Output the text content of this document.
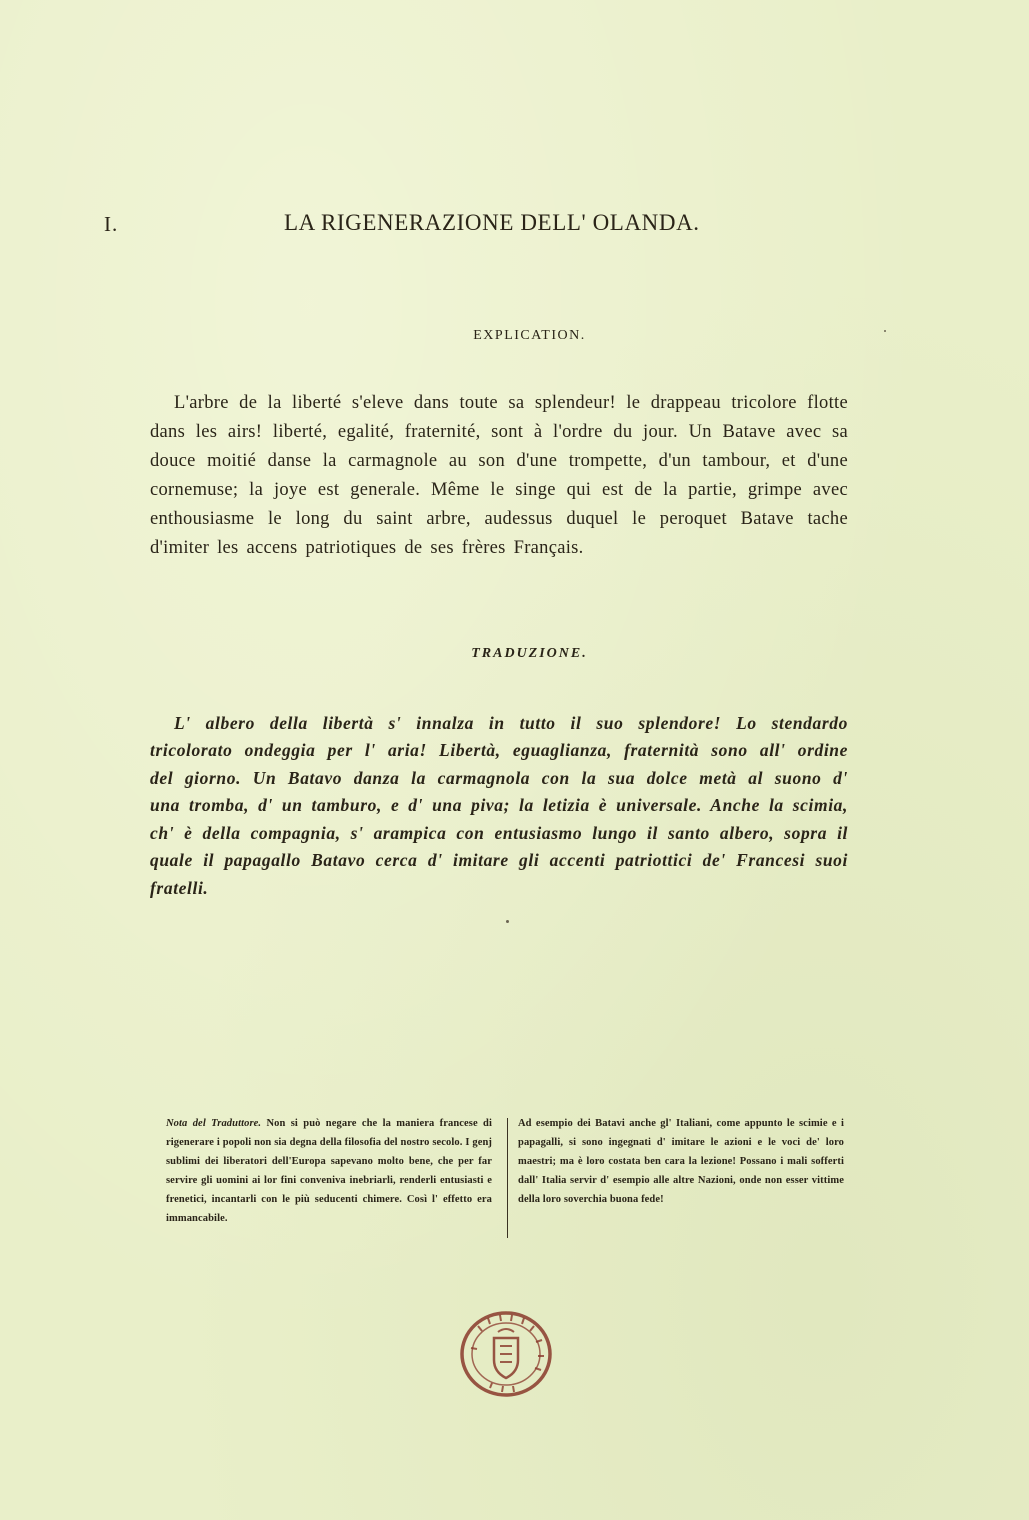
I.	LA RIGENERAZIONE DELL' OLANDA.
EXPLICATION.

L'arbre de la liberté s'eleve dans toute sa splendeur! le drappeau tricolore flotte dans les airs! liberté, egalité, fraternité, sont à l'ordre du jour. Un Batave avec sa douce moitié danse la carmagnole au son d'une trompette, d'un tambour, et d'une cornemuse; la joye est generale. Même le singe qui est de la partie, grimpe avec enthousiasme le long du saint arbre, audessus duquel le peroquet Batave tache d'imiter les accens patriotiques de ses frères Français.

TRADUZIONE.

L' albero della libertà s' innalza in tutto il suo splendore! Lo stendardo tricolorato ondeggia per l' aria! Libertà, eguaglianza, fraternità sono all' ordine del giorno. Un Batavo danza la carmagnola con la sua dolce metà al suono d' una tromba, d' un tamburo, e d' una piva; la letizia è universale. Anche la scimia, ch' è della compagnia, s' arampica con entusiasmo lungo il santo albero, sopra il quale il papagallo Batavo cerca d' imitare gli accenti patriottici de' Francesi suoi fratelli.

Nota del Traduttore. Non si può negare che la maniera francese di rigenerare i popoli non sia degna della filosofia del nostro secolo. I genj sublimi dei liberatori dell'Europa sapevano molto bene, che per far servire gli uomini ai lor fini conveniva inebriarli, renderli entusiasti e frenetici, incantarli con le più seducenti chimere. Così l' effetto era immancabile.
Ad esempio dei Batavi anche gl' Italiani, come appunto le scimie e i papagalli, si sono ingegnati d' imitare le azioni e le voci de' loro maestri; ma è loro costata ben cara la lezione! Possano i mali sofferti dall' Italia servir d' esempio alle altre Nazioni, onde non esser vittime della loro soverchia buona fede!
